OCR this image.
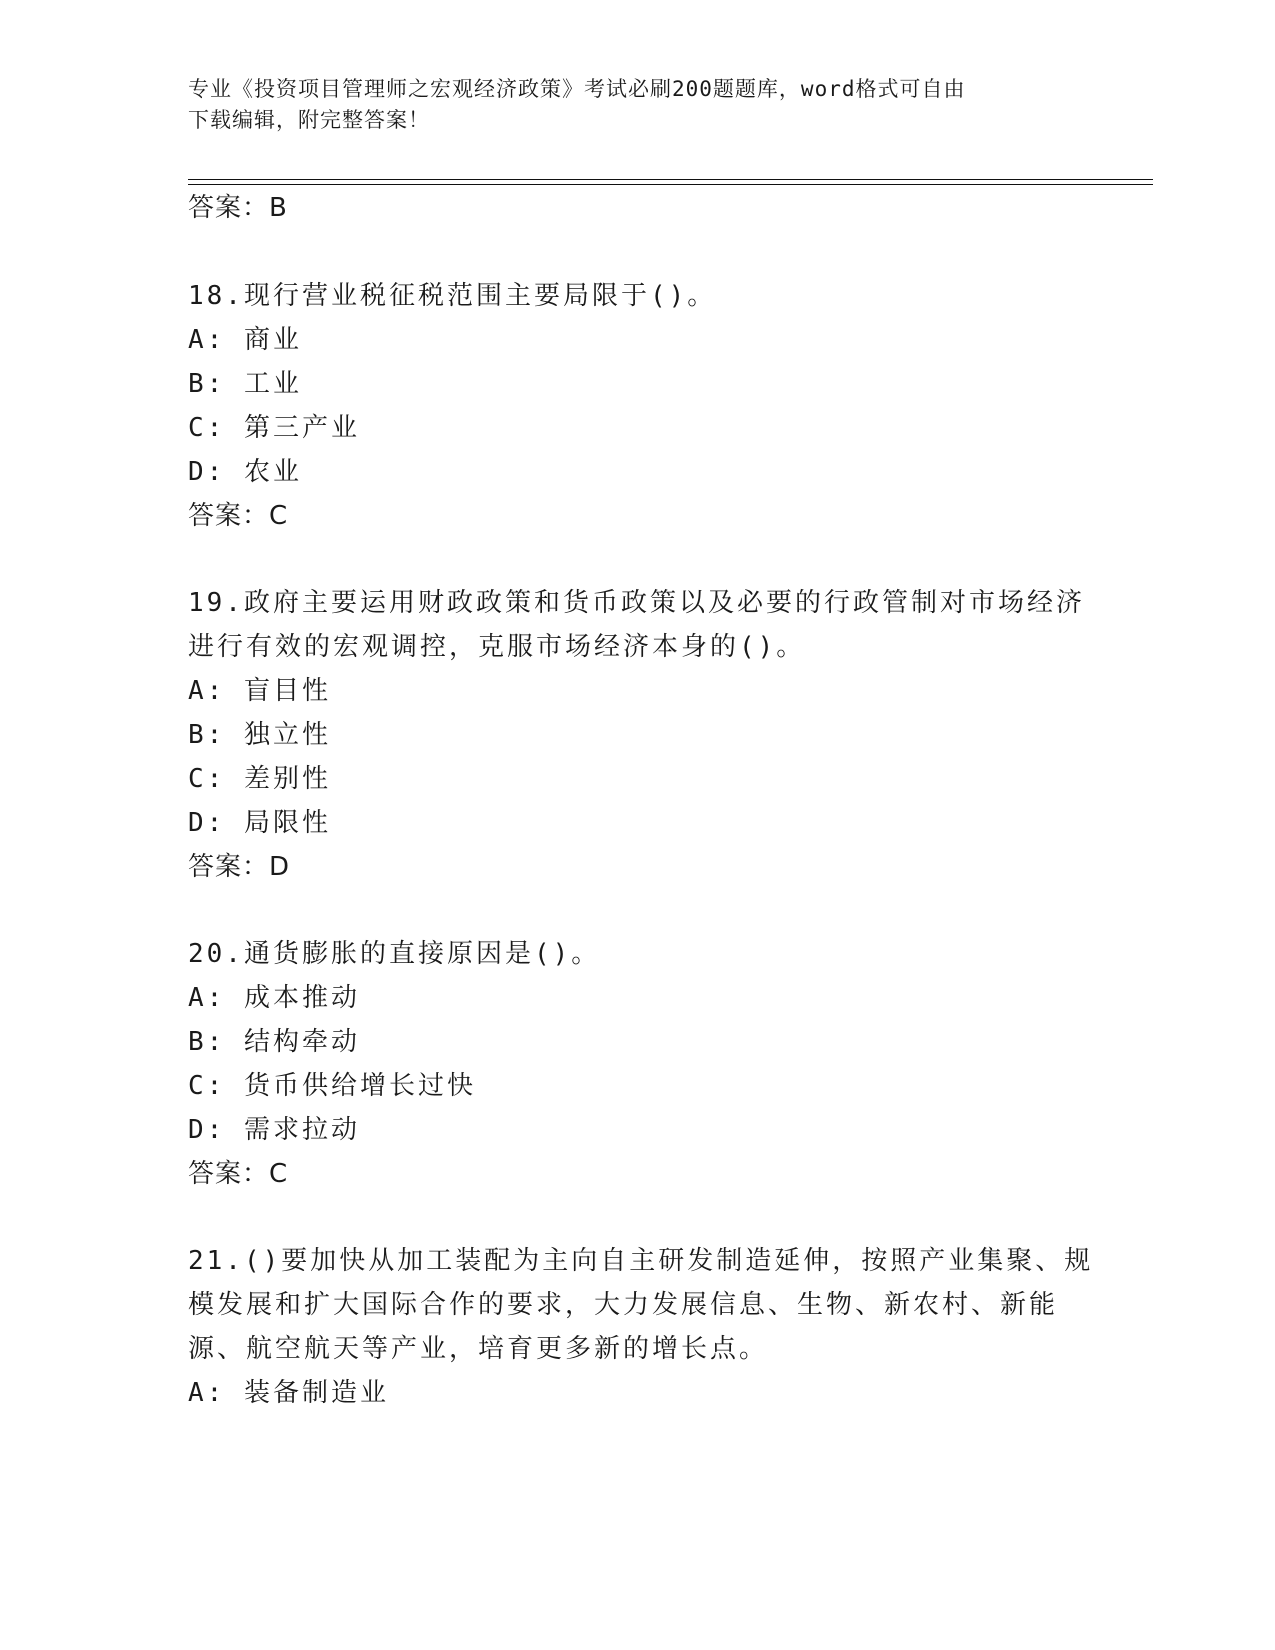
专业《投资项目管理师之宏观经济政策》考试必刷200题题库，word格式可自由
下载编辑，附完整答案！
答案：B
18.现行营业税征税范围主要局限于()。
A: 商业
B: 工业
C: 第三产业
D: 农业
答案：C
19.政府主要运用财政政策和货币政策以及必要的行政管制对市场经济
进行有效的宏观调控，克服市场经济本身的()。
A: 盲目性
B: 独立性
C: 差别性
D: 局限性
答案：D
20.通货膨胀的直接原因是()。
A: 成本推动
B: 结构牵动
C: 货币供给增长过快
D: 需求拉动
答案：C
21.()要加快从加工装配为主向自主研发制造延伸，按照产业集聚、规
模发展和扩大国际合作的要求，大力发展信息、生物、新农村、新能
源、航空航天等产业，培育更多新的增长点。
A: 装备制造业
